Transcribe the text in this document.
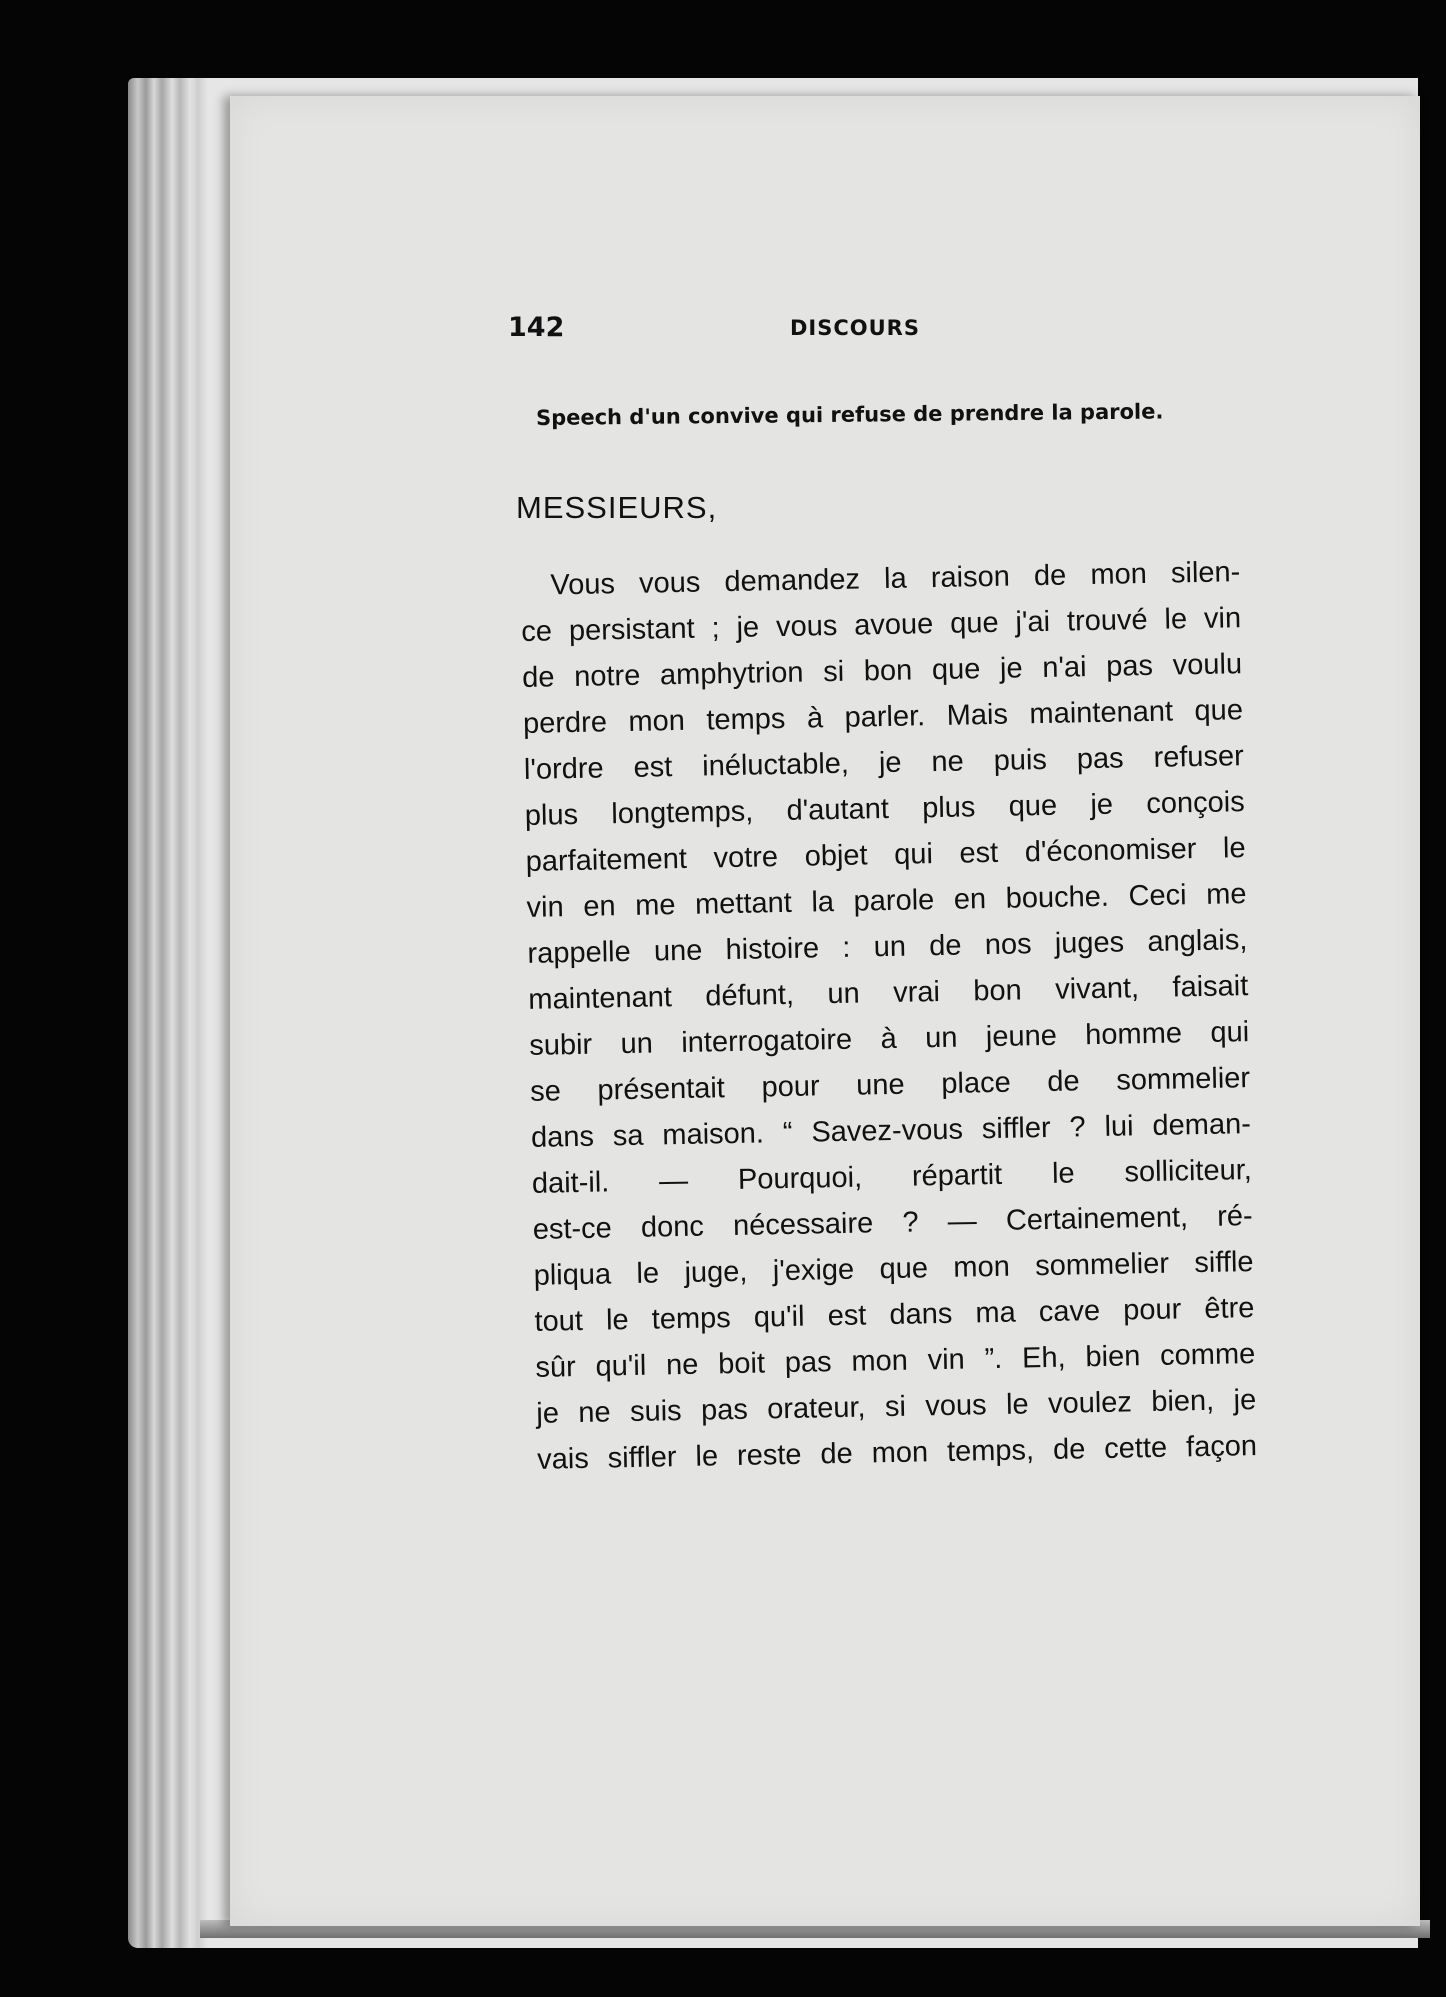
142	DISCOURS
Speech d'un convive qui refuse de prendre la parole.
MESSIEURS,
Vous vous demandez la raison de mon silen-
ce persistant ; je vous avoue que j'ai trouvé le vin
de notre amphytrion si bon que je n'ai pas voulu
perdre mon temps à parler. Mais maintenant que
l'ordre est inéluctable, je ne puis pas refuser
plus longtemps, d'autant plus que je conçois
parfaitement votre objet qui est d'économiser le
vin en me mettant la parole en bouche. Ceci me
rappelle une histoire : un de nos juges anglais,
maintenant défunt, un vrai bon vivant, faisait
subir un interrogatoire à un jeune homme qui
se présentait pour une place de sommelier
dans sa maison. “ Savez-vous siffler ? lui deman-
dait-il. — Pourquoi, répartit le solliciteur,
est-ce donc nécessaire ? — Certainement, ré-
pliqua le juge, j'exige que mon sommelier siffle
tout le temps qu'il est dans ma cave pour être
sûr qu'il ne boit pas mon vin ”. Eh, bien comme
je ne suis pas orateur, si vous le voulez bien, je
vais siffler le reste de mon temps, de cette façon
